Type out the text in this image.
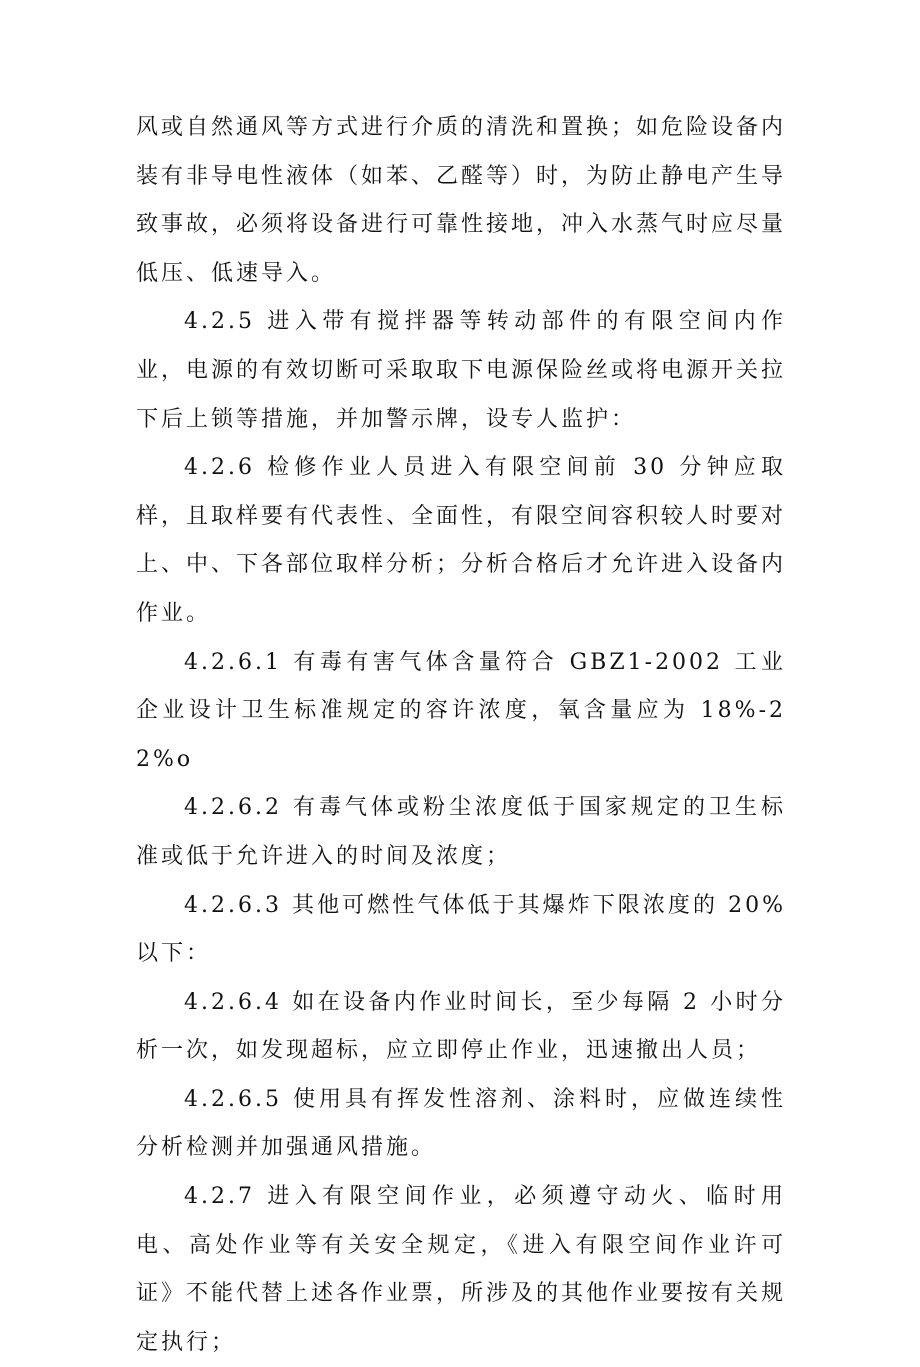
风或自然通风等方式进行介质的清洗和置换；如危险设备内装有非导电性液体（如苯、乙醛等）时，为防止静电产生导致事故，必须将设备进行可靠性接地，冲入水蒸气时应尽量低压、低速导入。

4.2.5 进入带有搅拌器等转动部件的有限空间内作业，电源的有效切断可采取取下电源保险丝或将电源开关拉下后上锁等措施，并加警示牌，设专人监护：

4.2.6 检修作业人员进入有限空间前 30 分钟应取样，且取样要有代表性、全面性，有限空间容积较人时要对上、中、下各部位取样分析；分析合格后才允许进入设备内作业。

4.2.6.1 有毒有害气体含量符合 GBZ1-2002 工业企业设计卫生标准规定的容许浓度，氧含量应为 18%-22%o

4.2.6.2 有毒气体或粉尘浓度低于国家规定的卫生标准或低于允许进入的时间及浓度；

4.2.6.3 其他可燃性气体低于其爆炸下限浓度的 20%以下：

4.2.6.4 如在设备内作业时间长，至少每隔 2 小时分析一次，如发现超标，应立即停止作业，迅速撤出人员；

4.2.6.5 使用具有挥发性溶剂、涂料时，应做连续性分析检测并加强通风措施。

4.2.7 进入有限空间作业，必须遵守动火、临时用电、高处作业等有关安全规定，《进入有限空间作业许可证》不能代替上述各作业票，所涉及的其他作业要按有关规定执行；
